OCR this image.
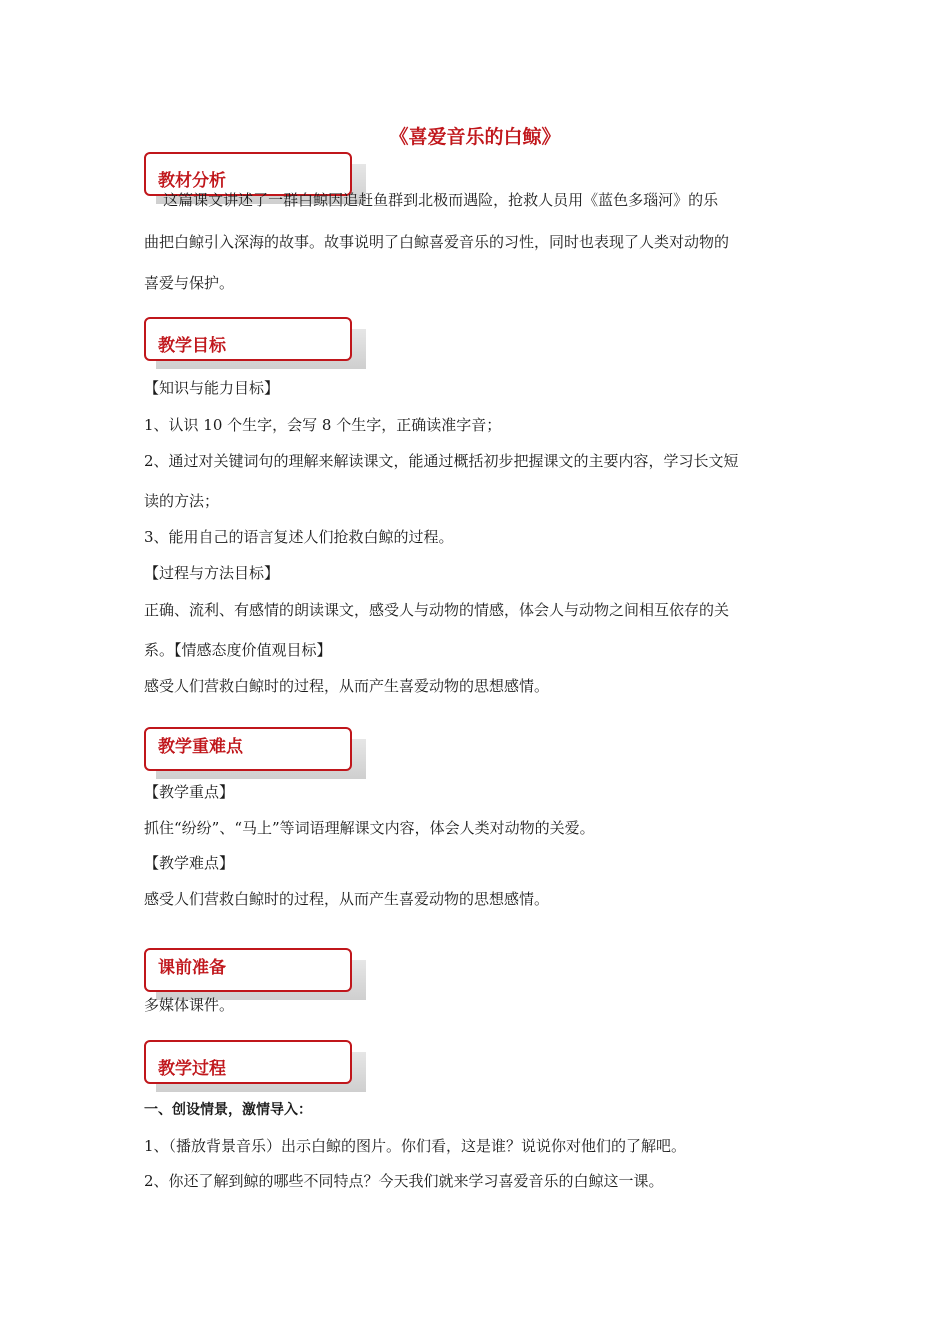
《喜爱音乐的白鲸》
教材分析
这篇课文讲述了一群白鲸因追赶鱼群到北极而遇险，抢救人员用《蓝色多瑙河》的乐
曲把白鲸引入深海的故事。故事说明了白鲸喜爱音乐的习性，同时也表现了人类对动物的
喜爱与保护。
教学目标
【知识与能力目标】
1、认识 10 个生字，会写 8 个生字，正确读准字音；
2、通过对关键词句的理解来解读课文，能通过概括初步把握课文的主要内容，学习长文短
读的方法；
3、能用自己的语言复述人们抢救白鲸的过程。
【过程与方法目标】
正确、流利、有感情的朗读课文，感受人与动物的情感，体会人与动物之间相互依存的关
系。【情感态度价值观目标】
感受人们营救白鲸时的过程，从而产生喜爱动物的思想感情。
教学重难点
【教学重点】
抓住“纷纷”、“马上”等词语理解课文内容，体会人类对动物的关爱。
【教学难点】
感受人们营救白鲸时的过程，从而产生喜爱动物的思想感情。
课前准备
多媒体课件。
教学过程
一、创设情景，激情导入：
1、（播放背景音乐）出示白鲸的图片。你们看，这是谁？说说你对他们的了解吧。
2、你还了解到鲸的哪些不同特点？今天我们就来学习喜爱音乐的白鲸这一课。
